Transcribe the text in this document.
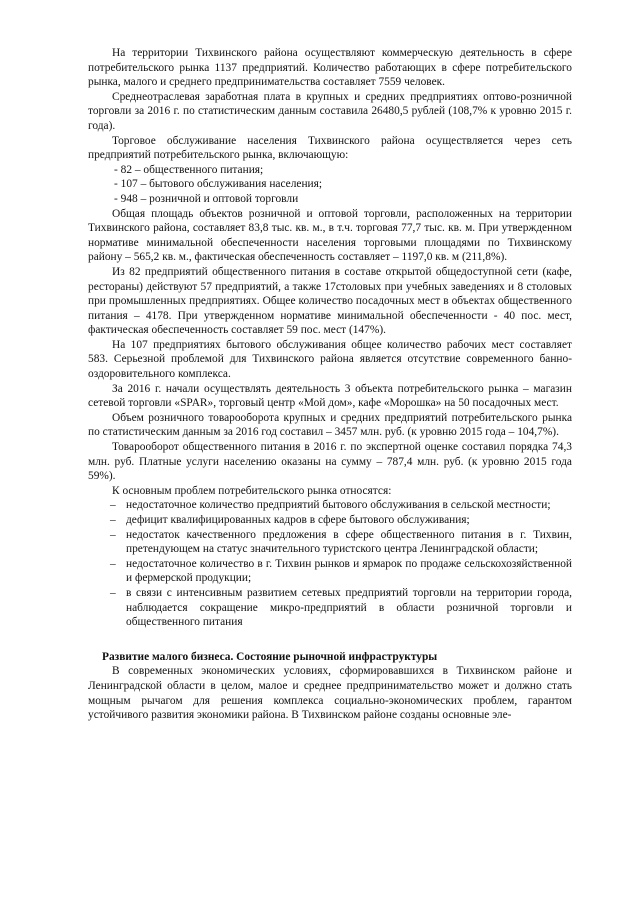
На территории Тихвинского района осуществляют коммерческую деятельность в сфере потребительского рынка 1137 предприятий. Количество работающих в сфере потребительского рынка, малого и среднего предпринимательства составляет 7559 человек.

Среднеотраслевая заработная плата в крупных и средних предприятиях оптово-розничной торговли за 2016 г. по статистическим данным составила 26480,5 рублей (108,7% к уровню 2015 г. года).

Торговое обслуживание населения Тихвинского района осуществляется через сеть предприятий потребительского рынка, включающую:

- 82 – общественного питания;
- 107 – бытового обслуживания населения;
- 948 – розничной и оптовой торговли

Общая площадь объектов розничной и оптовой торговли, расположенных на территории Тихвинского района, составляет 83,8 тыс. кв. м., в т.ч. торговая 77,7 тыс. кв. м. При утвержденном нормативе минимальной обеспеченности населения торговыми площадями по Тихвинскому району – 565,2 кв. м., фактическая обеспеченность составляет – 1197,0 кв. м (211,8%).

Из 82 предприятий общественного питания в составе открытой общедоступной сети (кафе, рестораны) действуют 57 предприятий, а также 17столовых при учебных заведениях и 8 столовых при промышленных предприятиях. Общее количество посадочных мест в объектах общественного питания – 4178. При утвержденном нормативе минимальной обеспеченности - 40 пос. мест, фактическая обеспеченность составляет 59 пос. мест (147%).

На 107 предприятиях бытового обслуживания общее количество рабочих мест составляет 583. Серьезной проблемой для Тихвинского района является отсутствие современного банно-оздоровительного комплекса.

За 2016 г. начали осуществлять деятельность 3 объекта потребительского рынка – магазин сетевой торговли «SPAR», торговый центр «Мой дом», кафе «Морошка» на 50 посадочных мест.

Объем розничного товарооборота крупных и средних предприятий потребительского рынка по статистическим данным за 2016 год составил – 3457 млн. руб. (к уровню 2015 года – 104,7%).

Товарооборот общественного питания в 2016 г. по экспертной оценке составил порядка 74,3 млн. руб. Платные услуги населению оказаны на сумму – 787,4 млн. руб. (к уровню 2015 года 59%).

К основным проблем потребительского рынка относятся:

– недостаточное количество предприятий бытового обслуживания в сельской местности;
– дефицит квалифицированных кадров в сфере бытового обслуживания;
– недостаток качественного предложения в сфере общественного питания в г. Тихвин, претендующем на статус значительного туристского центра Ленинградской области;
– недостаточное количество в г. Тихвин рынков и ярмарок по продаже сельскохозяйственной и фермерской продукции;
– в связи с интенсивным развитием сетевых предприятий торговли на территории города, наблюдается сокращение микро-предприятий в области розничной торговли и общественного питания
Развитие малого бизнеса. Состояние рыночной инфраструктуры

В современных экономических условиях, сформировавшихся в Тихвинском районе и Ленинградской области в целом, малое и среднее предпринимательство может и должно стать мощным рычагом для решения комплекса социально-экономических проблем, гарантом устойчивого развития экономики района. В Тихвинском районе созданы основные эле-
